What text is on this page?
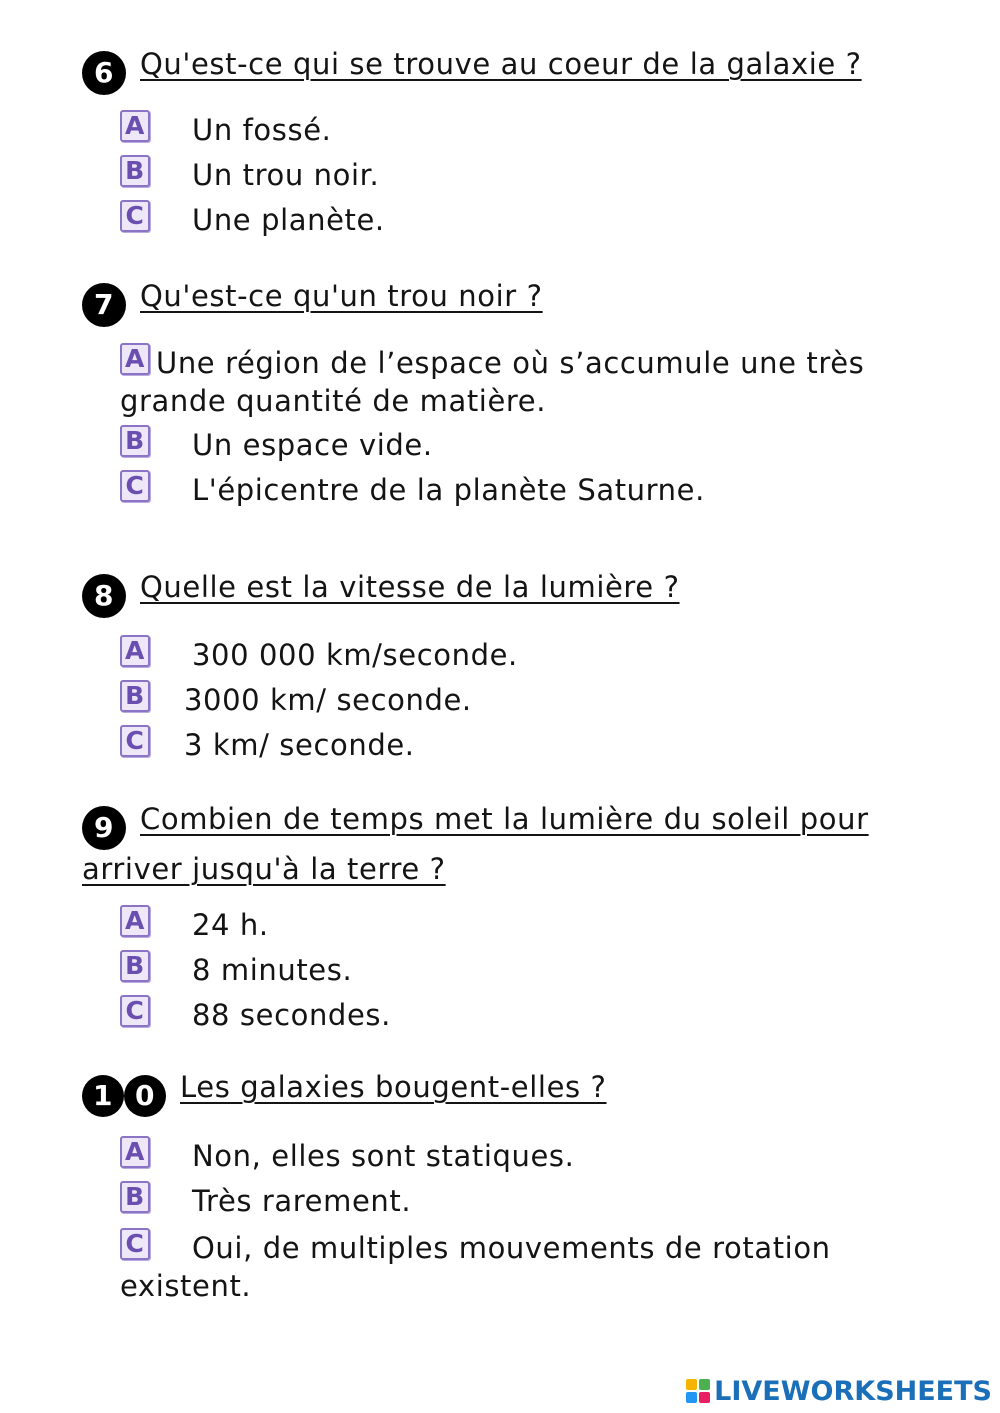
6 Qu'est-ce qui se trouve au coeur de la galaxie ?
A Un fossé.
B Un trou noir.
C Une planète.
7 Qu'est-ce qu'un trou noir ?
A Une région de l’espace où s’accumule une très grande quantité de matière.
B Un espace vide.
C L'épicentre de la planète Saturne.
8 Quelle est la vitesse de la lumière ?
A 300 000 km/seconde.
B 3000 km/ seconde.
C 3 km/ seconde.
9 Combien de temps met la lumière du soleil pour arriver jusqu'à la terre ?
A 24 h.
B 8 minutes.
C 88 secondes.
1 0 Les galaxies bougent-elles ?
A Non, elles sont statiques.
B Très rarement.
C Oui, de multiples mouvements de rotation existent.
LIVEWORKSHEETS
